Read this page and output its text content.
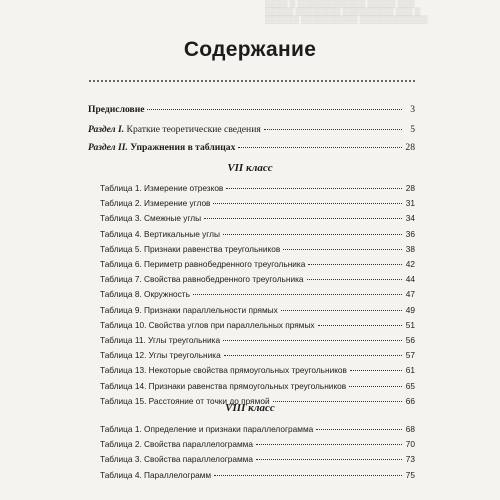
▒▒▒▒ ▒ ▒▒▒▒▒▒▒▒▒▒▒▒ ▒▒▒▒▒ ▒▒▒
▒▒▒▒▒ ▒▒▒▒▒▒▒▒ ▒▒▒▒▒▒▒▒▒ ▒▒▒ ▒
▒▒▒▒▒▒ ▒▒▒▒▒▒▒▒▒▒ ▒▒▒▒▒▒▒▒▒▒▒▒
Содержание
Предисловие	3
Раздел I. Краткие теоретические сведения	5
Раздел II. Упражнения в таблицах	28
VII класс
VIII класс
Таблица 1. Измерение отрезков	28
Таблица 2. Измерение углов	31
Таблица 3. Смежные углы	34
Таблица 4. Вертикальные углы	36
Таблица 5. Признаки равенства треугольников	38
Таблица 6. Периметр равнобедренного треугольника	42
Таблица 7. Свойства равнобедренного треугольника	44
Таблица 8. Окружность	47
Таблица 9. Признаки параллельности прямых	49
Таблица 10. Свойства углов при параллельных прямых	51
Таблица 11. Углы треугольника	56
Таблица 12. Углы треугольника	57
Таблица 13. Некоторые свойства прямоугольных треугольников	61
Таблица 14. Признаки равенства прямоугольных треугольников	65
Таблица 15. Расстояние от точки до прямой	66
Таблица 1. Определение и признаки параллелограмма	68
Таблица 2. Свойства параллелограмма	70
Таблица 3. Свойства параллелограмма	73
Таблица 4. Параллелограмм	75
